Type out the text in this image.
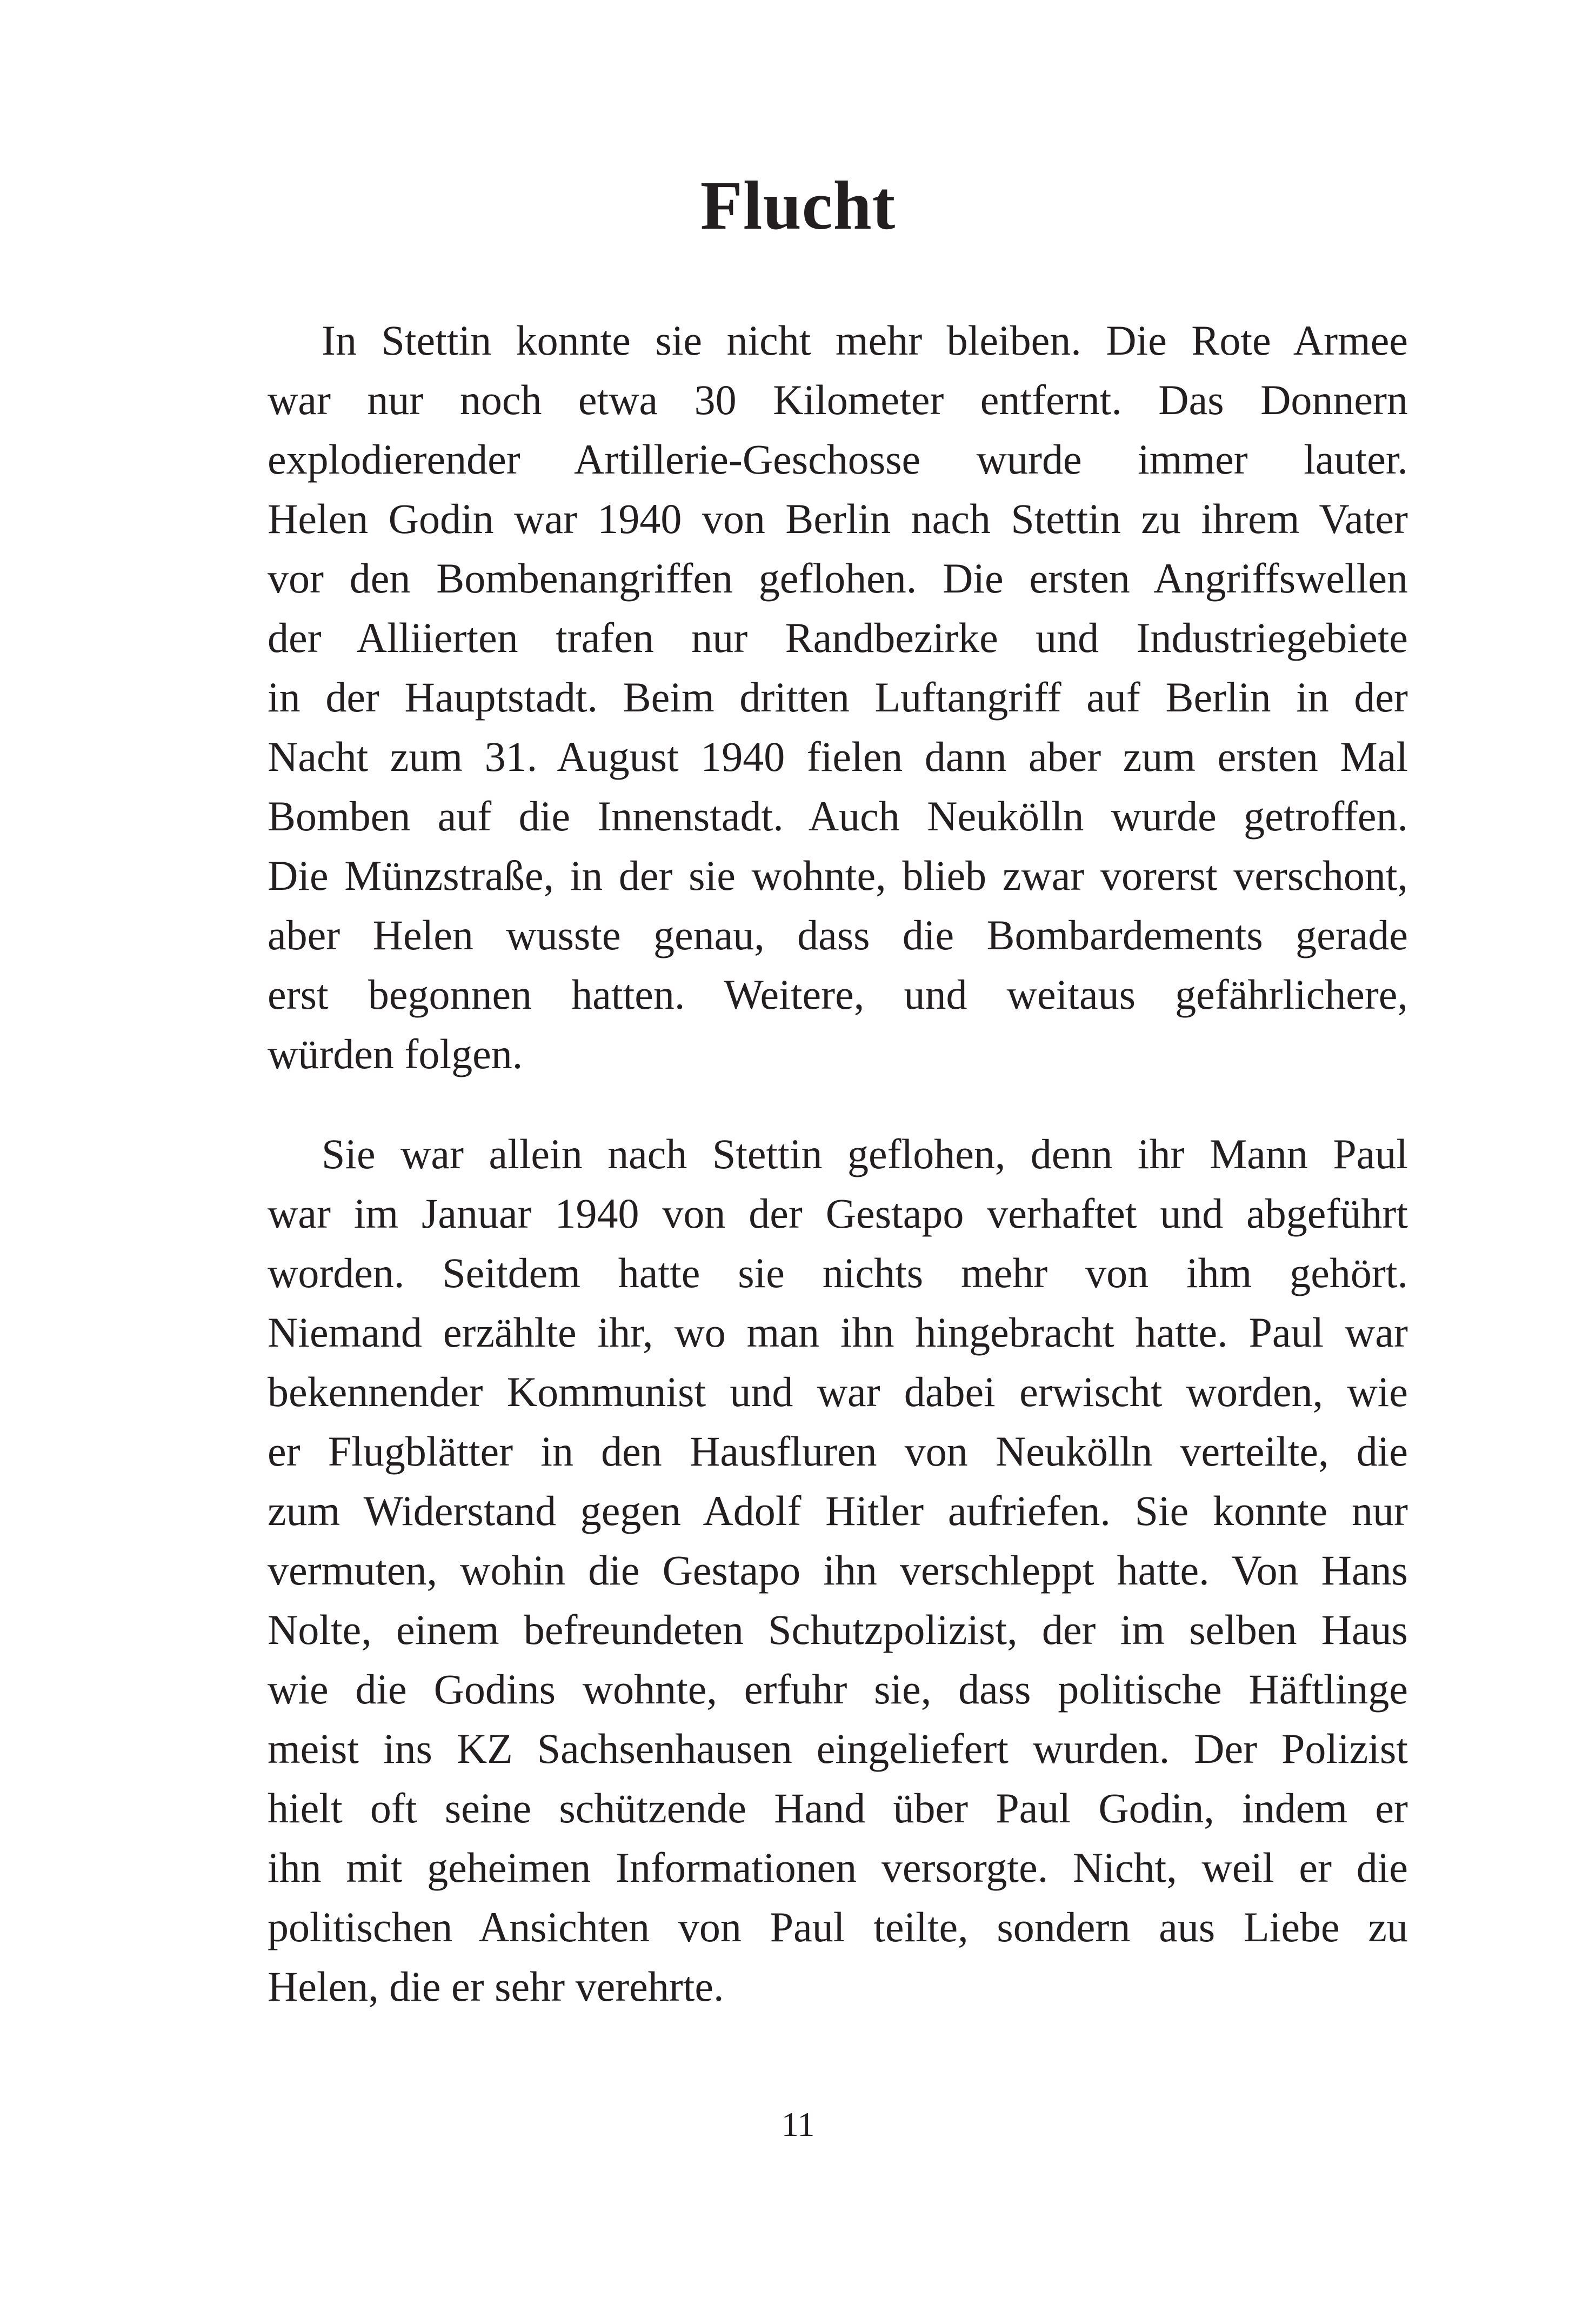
Flucht
In Stettin konnte sie nicht mehr bleiben. Die Rote Armee
war nur noch etwa 30 Kilometer entfernt. Das Donnern
explodierender Artillerie-Geschosse wurde immer lauter.
Helen Godin war 1940 von Berlin nach Stettin zu ihrem Vater
vor den Bombenangriffen geflohen. Die ersten Angriffswellen
der Alliierten trafen nur Randbezirke und Industriegebiete
in der Hauptstadt. Beim dritten Luftangriff auf Berlin in der
Nacht zum 31. August 1940 fielen dann aber zum ersten Mal
Bomben auf die Innenstadt. Auch Neukölln wurde getroffen.
Die Münzstraße, in der sie wohnte, blieb zwar vorerst verschont,
aber Helen wusste genau, dass die Bombardements gerade
erst begonnen hatten. Weitere, und weitaus gefährlichere,
würden folgen.
Sie war allein nach Stettin geflohen, denn ihr Mann Paul
war im Januar 1940 von der Gestapo verhaftet und abgeführt
worden. Seitdem hatte sie nichts mehr von ihm gehört.
Niemand erzählte ihr, wo man ihn hingebracht hatte. Paul war
bekennender Kommunist und war dabei erwischt worden, wie
er Flugblätter in den Hausfluren von Neukölln verteilte, die
zum Widerstand gegen Adolf Hitler aufriefen. Sie konnte nur
vermuten, wohin die Gestapo ihn verschleppt hatte. Von Hans
Nolte, einem befreundeten Schutzpolizist, der im selben Haus
wie die Godins wohnte, erfuhr sie, dass politische Häftlinge
meist ins KZ Sachsenhausen eingeliefert wurden. Der Polizist
hielt oft seine schützende Hand über Paul Godin, indem er
ihn mit geheimen Informationen versorgte. Nicht, weil er die
politischen Ansichten von Paul teilte, sondern aus Liebe zu
Helen, die er sehr verehrte.
11
